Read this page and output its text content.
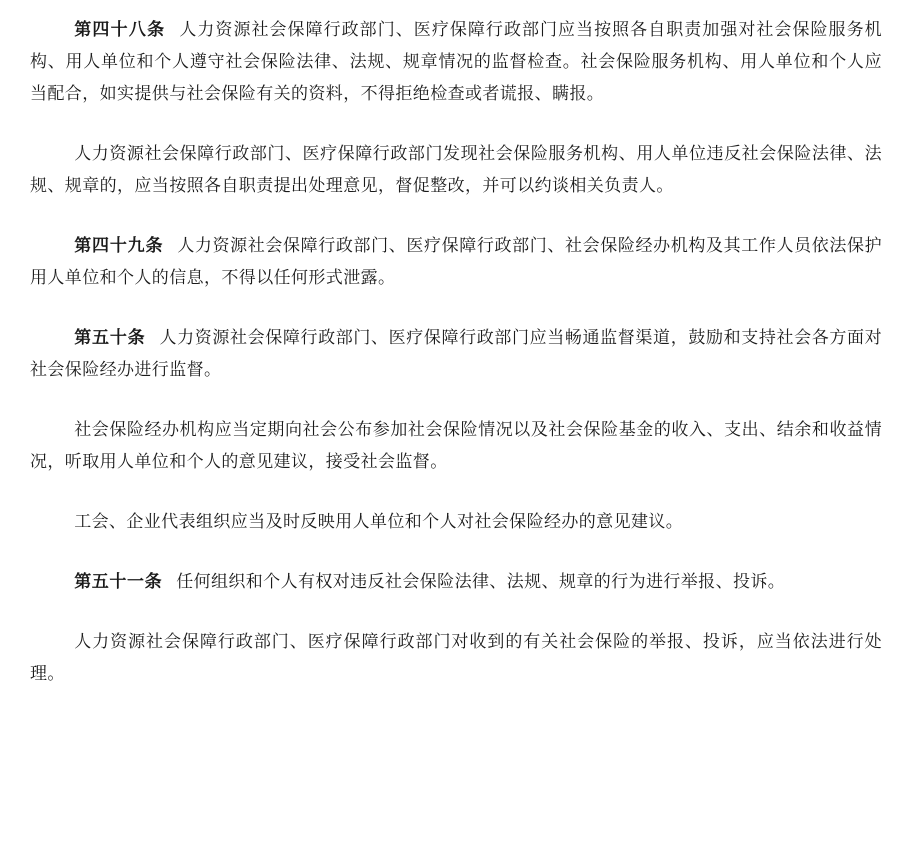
第四十八条 人力资源社会保障行政部门、医疗保障行政部门应当按照各自职责加强对社会保险服务机构、用人单位和个人遵守社会保险法律、法规、规章情况的监督检查。社会保险服务机构、用人单位和个人应当配合，如实提供与社会保险有关的资料，不得拒绝检查或者谎报、瞒报。

人力资源社会保障行政部门、医疗保障行政部门发现社会保险服务机构、用人单位违反社会保险法律、法规、规章的，应当按照各自职责提出处理意见，督促整改，并可以约谈相关负责人。

第四十九条 人力资源社会保障行政部门、医疗保障行政部门、社会保险经办机构及其工作人员依法保护用人单位和个人的信息，不得以任何形式泄露。

第五十条 人力资源社会保障行政部门、医疗保障行政部门应当畅通监督渠道，鼓励和支持社会各方面对社会保险经办进行监督。

社会保险经办机构应当定期向社会公布参加社会保险情况以及社会保险基金的收入、支出、结余和收益情况，听取用人单位和个人的意见建议，接受社会监督。

工会、企业代表组织应当及时反映用人单位和个人对社会保险经办的意见建议。

第五十一条 任何组织和个人有权对违反社会保险法律、法规、规章的行为进行举报、投诉。

人力资源社会保障行政部门、医疗保障行政部门对收到的有关社会保险的举报、投诉，应当依法进行处理。
